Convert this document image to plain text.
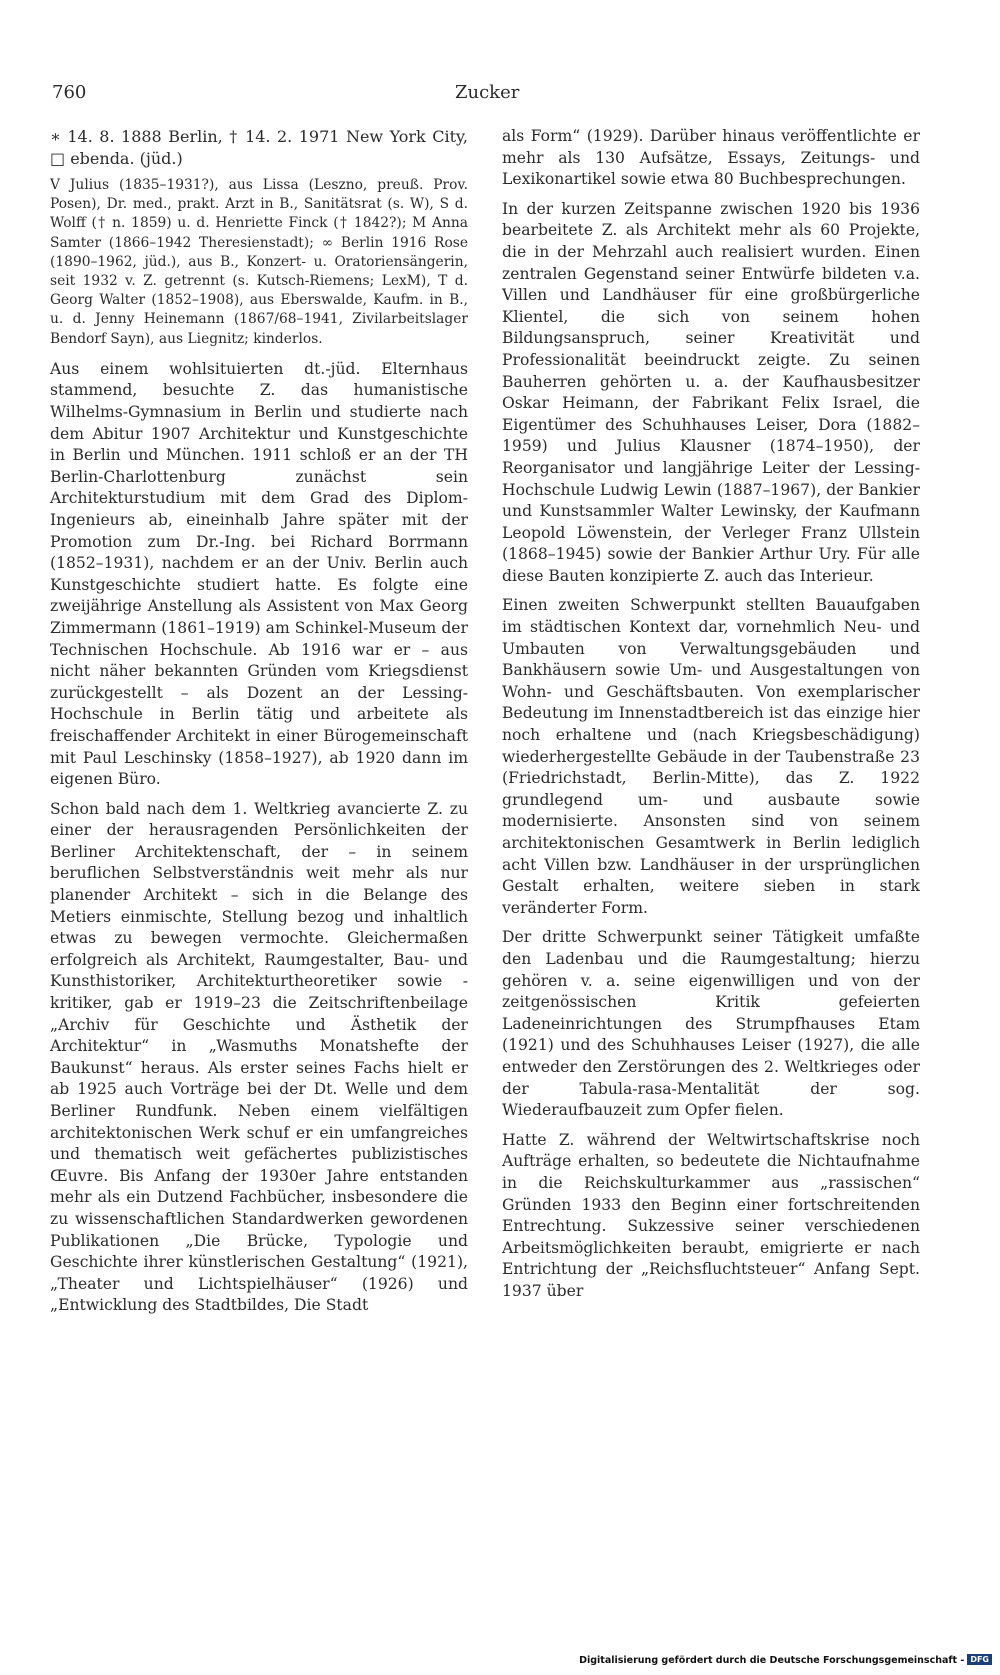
760	Zucker

∗ 14. 8. 1888 Berlin, † 14. 2. 1971 New York City, □ ebenda. (jüd.)

V Julius (1835–1931?), aus Lissa (Leszno, preuß. Prov. Posen), Dr. med., prakt. Arzt in B., Sanitätsrat (s. W), S d. Wolff († n. 1859) u. d. Henriette Finck († 1842?); M Anna Samter (1866–1942 Theresienstadt); ∞ Berlin 1916 Rose (1890–1962, jüd.), aus B., Konzert- u. Oratoriensängerin, seit 1932 v. Z. getrennt (s. Kutsch-Riemens; LexM), T d. Georg Walter (1852–1908), aus Eberswalde, Kaufm. in B., u. d. Jenny Heinemann (1867/68–1941, Zivilarbeitslager Bendorf Sayn), aus Liegnitz; kinderlos.

Aus einem wohlsituierten dt.-jüd. Elternhaus stammend, besuchte Z. das humanistische Wilhelms-Gymnasium in Berlin und studierte nach dem Abitur 1907 Architektur und Kunstgeschichte in Berlin und München. 1911 schloß er an der TH Berlin-Charlottenburg zunächst sein Architekturstudium mit dem Grad des Diplom-Ingenieurs ab, eineinhalb Jahre später mit der Promotion zum Dr.-Ing. bei Richard Borrmann (1852–1931), nachdem er an der Univ. Berlin auch Kunstgeschichte studiert hatte. Es folgte eine zweijährige Anstellung als Assistent von Max Georg Zimmermann (1861–1919) am Schinkel-Museum der Technischen Hochschule. Ab 1916 war er – aus nicht näher bekannten Gründen vom Kriegsdienst zurückgestellt – als Dozent an der Lessing-Hochschule in Berlin tätig und arbeitete als freischaffender Architekt in einer Bürogemeinschaft mit Paul Leschinsky (1858–1927), ab 1920 dann im eigenen Büro.

Schon bald nach dem 1. Weltkrieg avancierte Z. zu einer der herausragenden Persönlichkeiten der Berliner Architektenschaft, der – in seinem beruflichen Selbstverständnis weit mehr als nur planender Architekt – sich in die Belange des Metiers einmischte, Stellung bezog und inhaltlich etwas zu bewegen vermochte. Gleichermaßen erfolgreich als Architekt, Raumgestalter, Bau- und Kunsthistoriker, Architekturtheoretiker sowie -kritiker, gab er 1919–23 die Zeitschriftenbeilage „Archiv für Geschichte und Ästhetik der Architektur“ in „Wasmuths Monatshefte der Baukunst“ heraus. Als erster seines Fachs hielt er ab 1925 auch Vorträge bei der Dt. Welle und dem Berliner Rundfunk. Neben einem vielfältigen architektonischen Werk schuf er ein umfangreiches und thematisch weit gefächertes publizistisches Œuvre. Bis Anfang der 1930er Jahre entstanden mehr als ein Dutzend Fachbücher, insbesondere die zu wissenschaftlichen Standardwerken gewordenen Publikationen „Die Brücke, Typologie und Geschichte ihrer künstlerischen Gestaltung“ (1921), „Theater und Lichtspielhäuser“ (1926) und „Entwicklung des Stadtbildes, Die Stadt

als Form“ (1929). Darüber hinaus veröffentlichte er mehr als 130 Aufsätze, Essays, Zeitungs- und Lexikonartikel sowie etwa 80 Buchbesprechungen.

In der kurzen Zeitspanne zwischen 1920 bis 1936 bearbeitete Z. als Architekt mehr als 60 Projekte, die in der Mehrzahl auch realisiert wurden. Einen zentralen Gegenstand seiner Entwürfe bildeten v.a. Villen und Landhäuser für eine großbürgerliche Klientel, die sich von seinem hohen Bildungsanspruch, seiner Kreativität und Professionalität beeindruckt zeigte. Zu seinen Bauherren gehörten u. a. der Kaufhausbesitzer Oskar Heimann, der Fabrikant Felix Israel, die Eigentümer des Schuhhauses Leiser, Dora (1882–1959) und Julius Klausner (1874–1950), der Reorganisator und langjährige Leiter der Lessing-Hochschule Ludwig Lewin (1887–1967), der Bankier und Kunstsammler Walter Lewinsky, der Kaufmann Leopold Löwenstein, der Verleger Franz Ullstein (1868–1945) sowie der Bankier Arthur Ury. Für alle diese Bauten konzipierte Z. auch das Interieur.

Einen zweiten Schwerpunkt stellten Bauaufgaben im städtischen Kontext dar, vornehmlich Neu- und Umbauten von Verwaltungsgebäuden und Bankhäusern sowie Um- und Ausgestaltungen von Wohn- und Geschäftsbauten. Von exemplarischer Bedeutung im Innenstadtbereich ist das einzige hier noch erhaltene und (nach Kriegsbeschädigung) wiederhergestellte Gebäude in der Taubenstraße 23 (Friedrichstadt, Berlin-Mitte), das Z. 1922 grundlegend um- und ausbaute sowie modernisierte. Ansonsten sind von seinem architektonischen Gesamtwerk in Berlin lediglich acht Villen bzw. Landhäuser in der ursprünglichen Gestalt erhalten, weitere sieben in stark veränderter Form.

Der dritte Schwerpunkt seiner Tätigkeit umfaßte den Ladenbau und die Raumgestaltung; hierzu gehören v. a. seine eigenwilligen und von der zeitgenössischen Kritik gefeierten Ladeneinrichtungen des Strumpfhauses Etam (1921) und des Schuhhauses Leiser (1927), die alle entweder den Zerstörungen des 2. Weltkrieges oder der Tabula-rasa-Mentalität der sog. Wiederaufbauzeit zum Opfer fielen.

Hatte Z. während der Weltwirtschaftskrise noch Aufträge erhalten, so bedeutete die Nichtaufnahme in die Reichskulturkammer aus „rassischen“ Gründen 1933 den Beginn einer fortschreitenden Entrechtung. Sukzessive seiner verschiedenen Arbeitsmöglichkeiten beraubt, emigrierte er nach Entrichtung der „Reichsfluchtsteuer“ Anfang Sept. 1937 über

Digitalisierung gefördert durch die Deutsche Forschungsgemeinschaft - DFG
